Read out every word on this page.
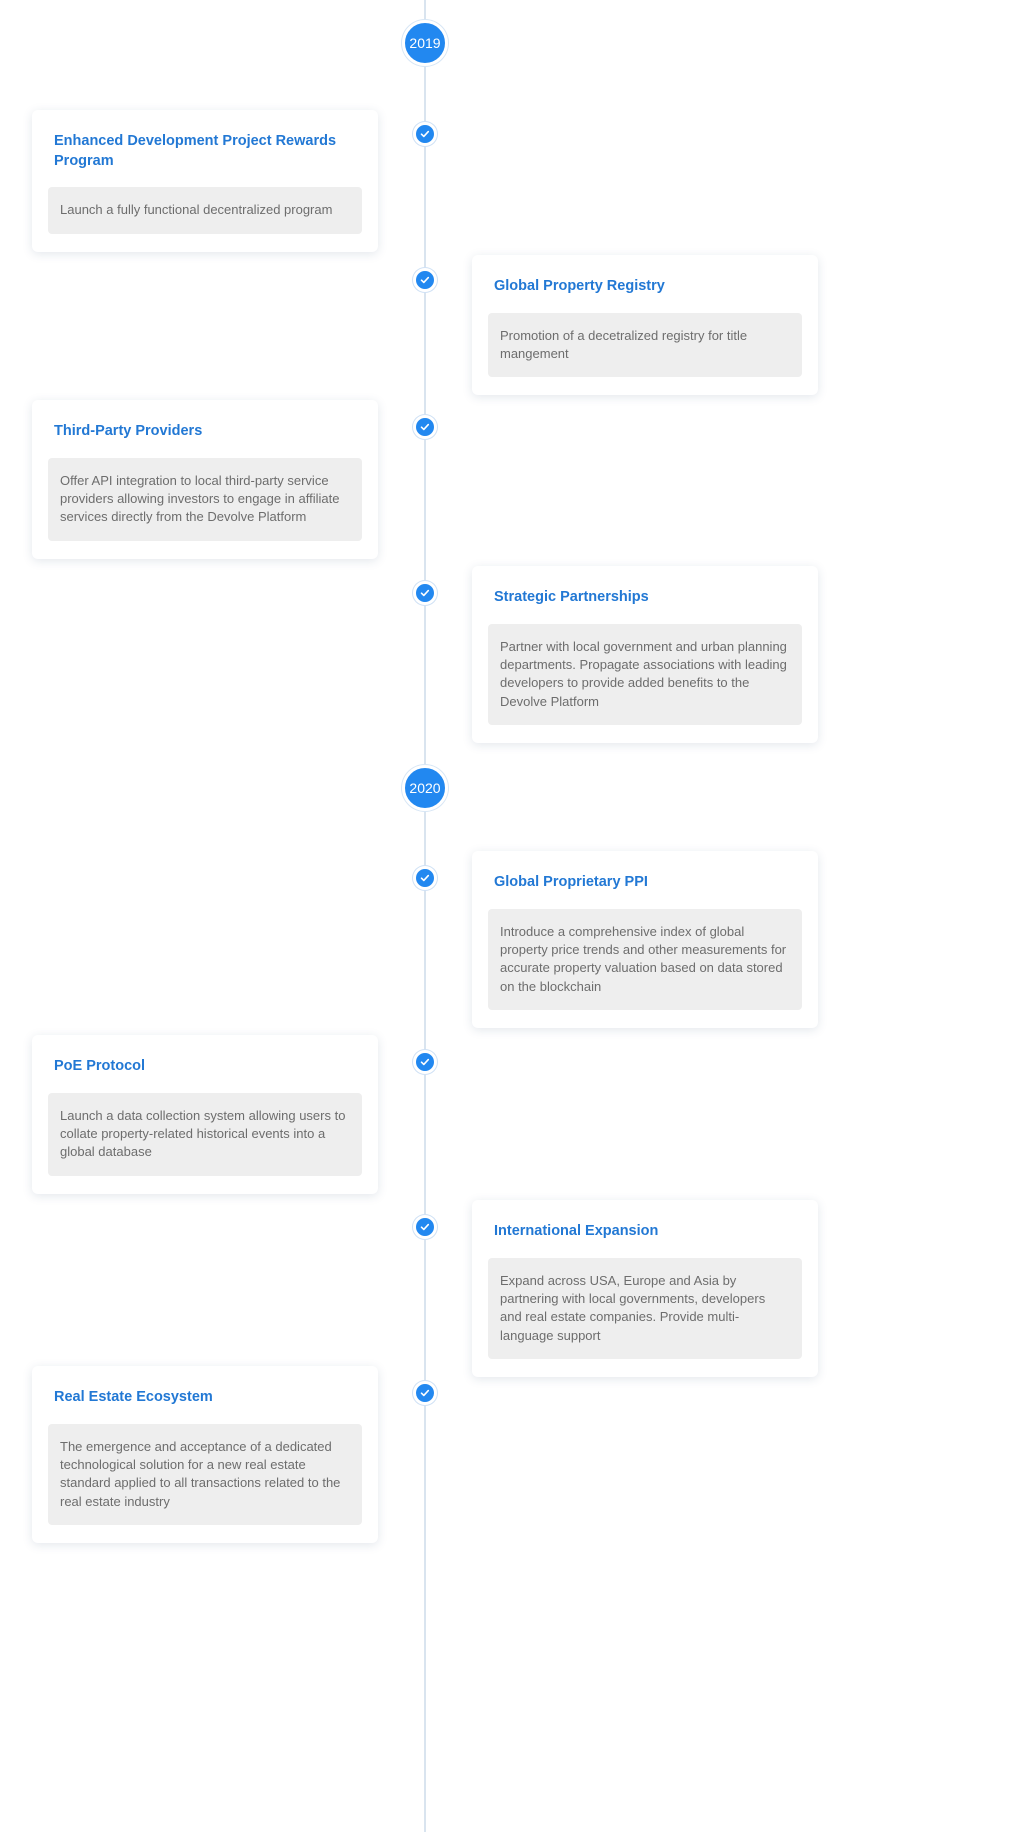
2019
2020
Enhanced Development Project Rewards Program
Launch a fully functional decentralized program
Global Property Registry
Promotion of a decetralized registry for title mangement
Third-Party Providers
Offer API integration to local third-party service providers allowing investors to engage in affiliate services directly from the Devolve Platform
Strategic Partnerships
Partner with local government and urban planning departments. Propagate associations with leading developers to provide added benefits to the Devolve Platform
Global Proprietary PPI
Introduce a comprehensive index of global property price trends and other measurements for accurate property valuation based on data stored on the blockchain
PoE Protocol
Launch a data collection system allowing users to collate property-related historical events into a global database
International Expansion
Expand across USA, Europe and Asia by partnering with local governments, developers and real estate companies. Provide multi-language support
Real Estate Ecosystem
The emergence and acceptance of a dedicated technological solution for a new real estate standard applied to all transactions related to the real estate industry
